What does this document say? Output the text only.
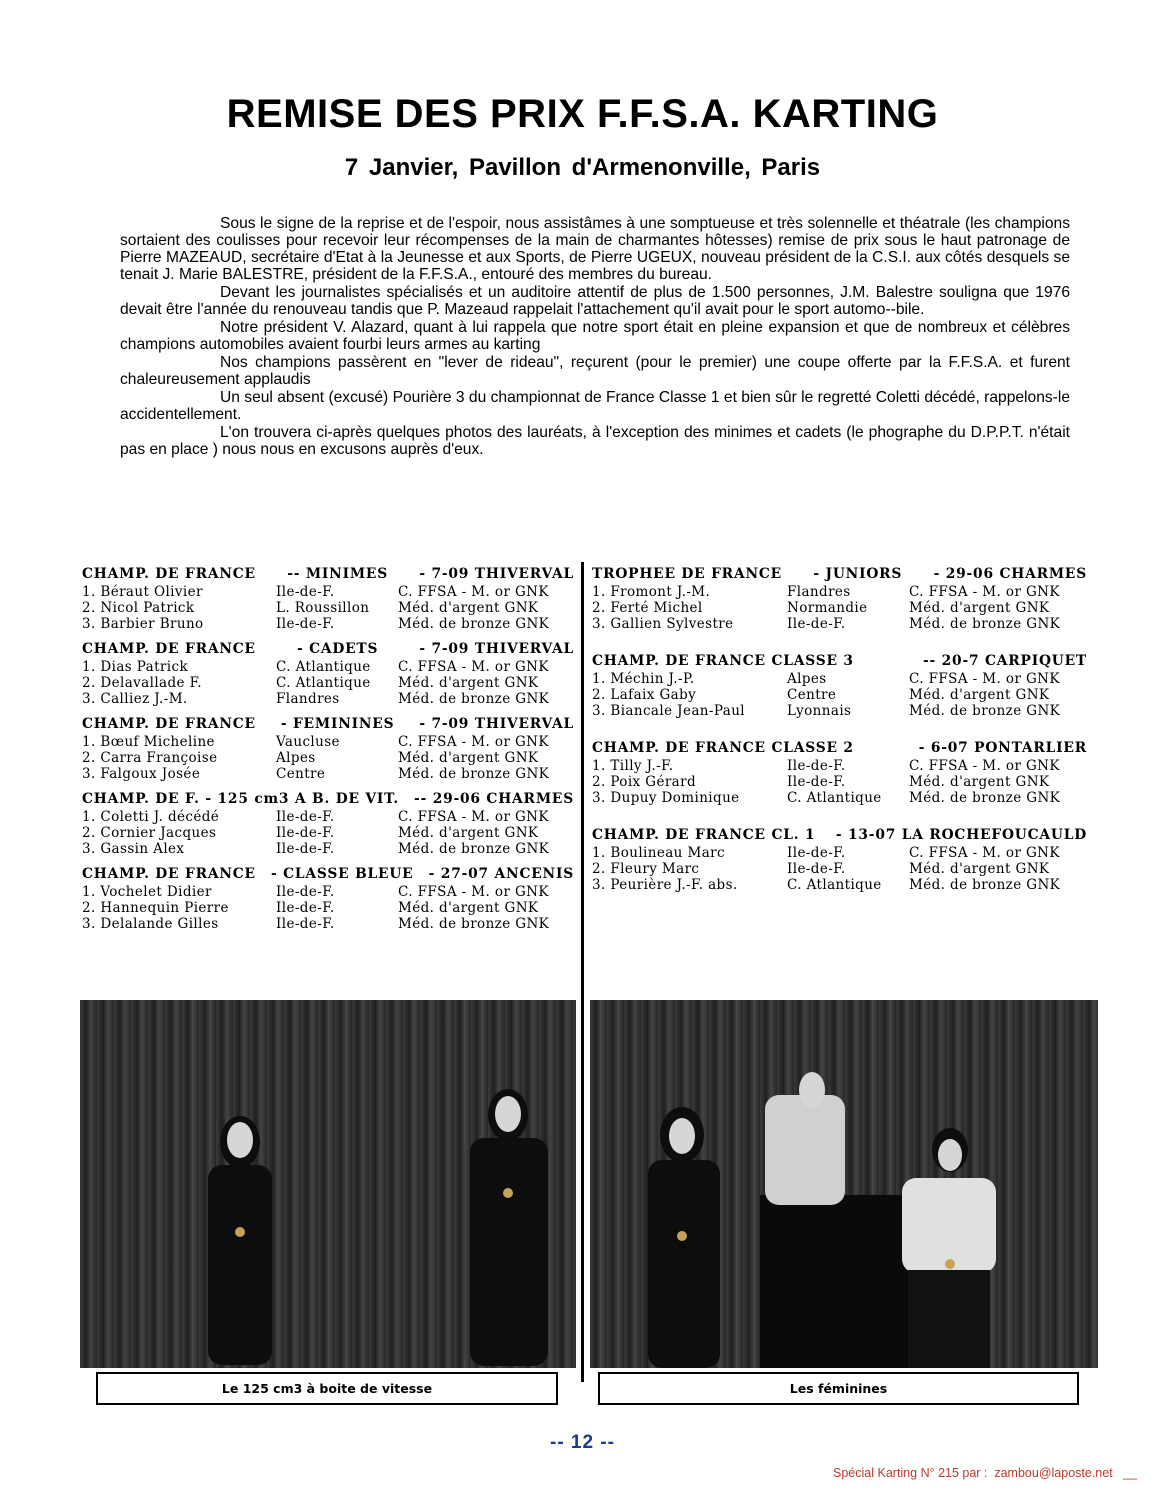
REMISE DES PRIX F.F.S.A. KARTING
7 Janvier, Pavillon d'Armenonville, Paris

Sous le signe de la reprise et de l'espoir, nous assistâmes à une somptueuse et très solennelle et théatrale (les champions sortaient des coulisses pour recevoir leur récompenses de la main de charmantes hôtesses) remise de prix sous le haut patronage de Pierre MAZEAUD, secrétaire d'Etat à la Jeunesse et aux Sports, de Pierre UGEUX, nouveau président de la C.S.I. aux côtés desquels se tenait J. Marie BALESTRE, président de la F.F.S.A., entouré des membres du bureau.

Devant les journalistes spécialisés et un auditoire attentif de plus de 1.500 personnes, J.M. Balestre souligna que 1976 devait être l'année du renouveau tandis que P. Mazeaud rappelait l'attachement qu'il avait pour le sport automo--bile.

Notre président V. Alazard, quant à lui rappela que notre sport était en pleine expansion et que de nombreux et célèbres champions automobiles avaient fourbi leurs armes au karting

Nos champions passèrent en "lever de rideau", reçurent (pour le premier) une coupe offerte par la F.F.S.A. et furent chaleureusement applaudis

Un seul absent (excusé) Pourière 3 du championnat de France Classe 1 et bien sûr le regretté Coletti décédé, rappelons-le accidentellement.

L'on trouvera ci-après quelques photos des lauréats, à l'exception des minimes et cadets (le phographe du D.P.P.T. n'était pas en place ) nous nous en excusons auprès d'eux.

CHAMP. DE FRANCE -- MINIMES - 7-09 THIVERVAL
1. Béraut Olivier	Ile-de-F.	C. FFSA - M. or GNK
2. Nicol Patrick	L. Roussillon	Méd. d'argent GNK
3. Barbier Bruno	Ile-de-F.	Méd. de bronze GNK
CHAMP. DE FRANCE	- CADETS	- 7-09 THIVERVAL
1. Dias Patrick	C. Atlantique	C. FFSA - M. or GNK
2. Delavallade F.	C. Atlantique	Méd. d'argent GNK
3. Calliez J.-M.	Flandres	Méd. de bronze GNK
CHAMP. DE FRANCE - FEMININES - 7-09 THIVERVAL
1. Bœuf Micheline	Vaucluse	C. FFSA - M. or GNK
2. Carra Françoise	Alpes	Méd. d'argent GNK
3. Falgoux Josée	Centre	Méd. de bronze GNK
CHAMP. DE F. - 125 cm3 A B. DE VIT. -- 29-06 CHARMES
1. Coletti J. décédé	Ile-de-F.	C. FFSA - M. or GNK
2. Cornier Jacques	Ile-de-F.	Méd. d'argent GNK
3. Gassin Alex	Ile-de-F.	Méd. de bronze GNK
CHAMP. DE FRANCE - CLASSE BLEUE - 27-07 ANCENIS
1. Vochelet Didier	Ile-de-F.	C. FFSA - M. or GNK
2. Hannequin Pierre	Ile-de-F.	Méd. d'argent GNK
3. Delalande Gilles	Ile-de-F.	Méd. de bronze GNK
TROPHEE DE FRANCE - JUNIORS - 29-06 CHARMES
1. Fromont J.-M.	Flandres	C. FFSA - M. or GNK
2. Ferté Michel	Normandie	Méd. d'argent GNK
3. Gallien Sylvestre	Ile-de-F.	Méd. de bronze GNK
CHAMP. DE FRANCE CLASSE 3	-- 20-7 CARPIQUET
1. Méchin J.-P.	Alpes	C. FFSA - M. or GNK
2. Lafaix Gaby	Centre	Méd. d'argent GNK
3. Biancale Jean-Paul	Lyonnais	Méd. de bronze GNK
CHAMP. DE FRANCE CLASSE 2	- 6-07 PONTARLIER
1. Tilly J.-F.	Ile-de-F.	C. FFSA - M. or GNK
2. Poix Gérard	Ile-de-F.	Méd. d'argent GNK
3. Dupuy Dominique	C. Atlantique	Méd. de bronze GNK
CHAMP. DE FRANCE CL. 1 - 13-07 LA ROCHEFOUCAULD
1. Boulineau Marc	Ile-de-F.	C. FFSA - M. or GNK
2. Fleury Marc	Ile-de-F.	Méd. d'argent GNK
3. Peurière J.-F. abs.	C. Atlantique	Méd. de bronze GNK
Le 125 cm3 à boite de vitesse	Les féminines
-- 12 --
Spécial Karting N° 215 par :  zambou@laposte.net   __
